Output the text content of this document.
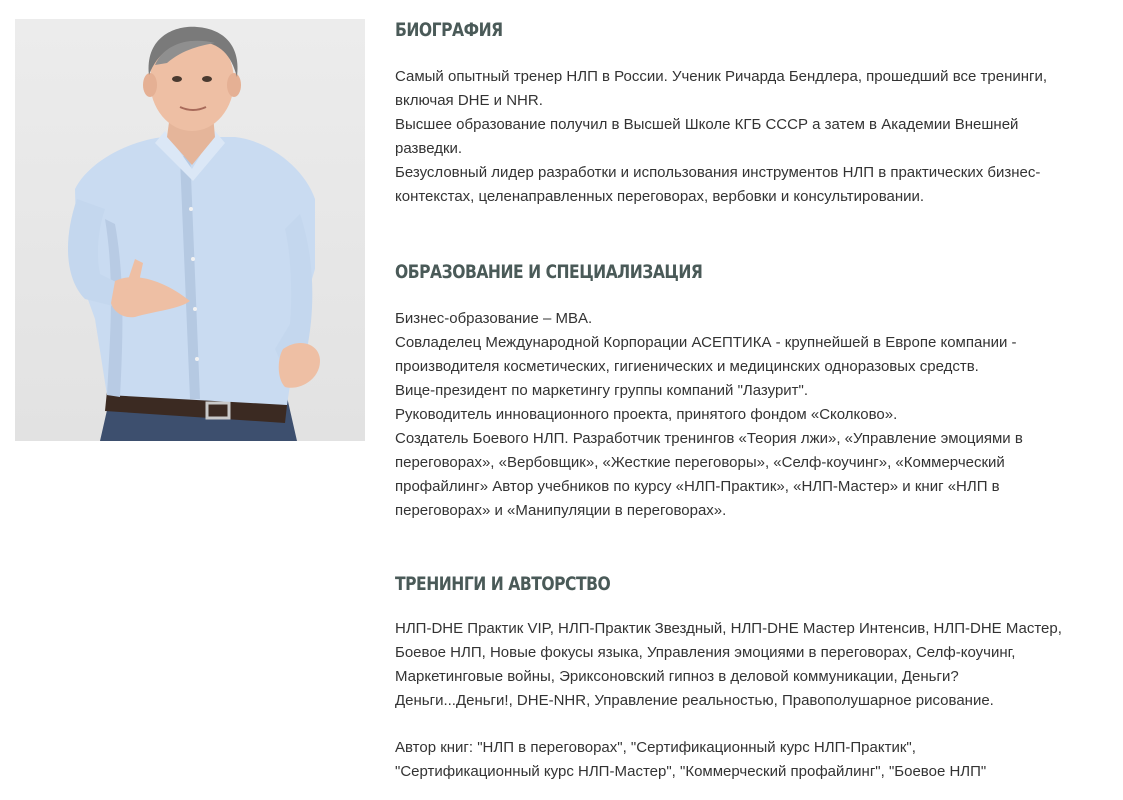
БИОГРАФИЯ

Самый опытный тренер НЛП в России. Ученик Ричарда Бендлера, прошедший все тренинги,
включая DHE и NHR.
Высшее образование получил в Высшей Школе КГБ СССР а затем в Академии Внешней
разведки.
Безусловный лидер разработки и использования инструментов НЛП в практических бизнес-
контекстах, целенаправленных переговорах, вербовки и консультировании.

ОБРАЗОВАНИЕ И СПЕЦИАЛИЗАЦИЯ

Бизнес-образование – MBA.
Совладелец Международной Корпорации АСЕПТИКА - крупнейшей в Европе компании -
производителя косметических, гигиенических и медицинских одноразовых средств.
Вице-президент по маркетингу группы компаний "Лазурит".
Руководитель инновационного проекта, принятого фондом «Сколково».
Создатель Боевого НЛП. Разработчик тренингов «Теория лжи», «Управление эмоциями в
переговорах», «Вербовщик», «Жесткие переговоры», «Селф-коучинг», «Коммерческий
профайлинг» Автор учебников по курсу «НЛП-Практик», «НЛП-Мастер» и книг «НЛП в
переговорах» и «Манипуляции в переговорах».

ТРЕНИНГИ И АВТОРСТВО

НЛП-DHE Практик VIP, НЛП-Практик Звездный, НЛП-DHE Мастер Интенсив, НЛП-DHE Мастер,
Боевое НЛП, Новые фокусы языка, Управления эмоциями в переговорах, Селф-коучинг,
Маркетинговые войны, Эриксоновский гипноз в деловой коммуникации, Деньги?
Деньги...Деньги!, DHE-NHR, Управление реальностью, Правополушарное рисование.

Автор книг: "НЛП в переговорах", "Сертификационный курс НЛП-Практик",
"Сертификационный курс НЛП-Мастер", "Коммерческий профайлинг", "Боевое НЛП"
